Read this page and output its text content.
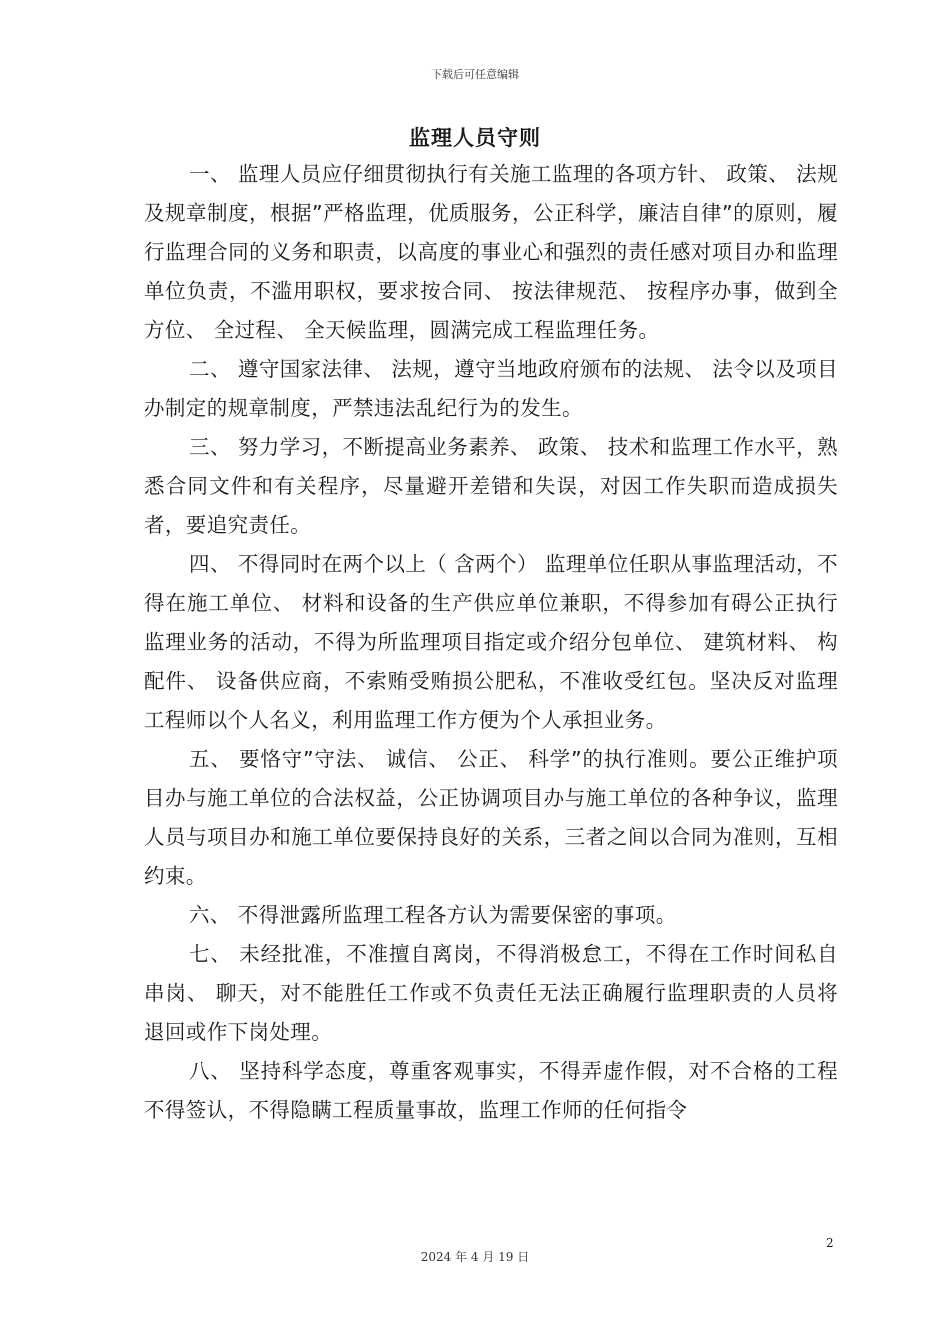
下载后可任意编辑
监理人员守则

一、 监理人员应仔细贯彻执行有关施工监理的各项方针、 政策、 法规及规章制度，根据”严格监理，优质服务，公正科学，廉洁自律”的原则，履行监理合同的义务和职责，以高度的事业心和强烈的责任感对项目办和监理单位负责，不滥用职权，要求按合同、 按法律规范、 按程序办事，做到全方位、 全过程、 全天候监理，圆满完成工程监理任务。

二、 遵守国家法律、 法规，遵守当地政府颁布的法规、 法令以及项目办制定的规章制度，严禁违法乱纪行为的发生。

三、 努力学习，不断提高业务素养、 政策、 技术和监理工作水平，熟悉合同文件和有关程序，尽量避开差错和失误，对因工作失职而造成损失者，要追究责任。

四、 不得同时在两个以上（ 含两个） 监理单位任职从事监理活动，不得在施工单位、 材料和设备的生产供应单位兼职，不得参加有碍公正执行监理业务的活动，不得为所监理项目指定或介绍分包单位、 建筑材料、 构配件、 设备供应商，不索贿受贿损公肥私，不准收受红包。坚决反对监理工程师以个人名义，利用监理工作方便为个人承担业务。

五、 要恪守”守法、 诚信、 公正、 科学”的执行准则。要公正维护项目办与施工单位的合法权益，公正协调项目办与施工单位的各种争议，监理人员与项目办和施工单位要保持良好的关系，三者之间以合同为准则，互相约束。

六、 不得泄露所监理工程各方认为需要保密的事项。

七、 未经批准，不准擅自离岗，不得消极怠工，不得在工作时间私自串岗、 聊天，对不能胜任工作或不负责任无法正确履行监理职责的人员将退回或作下岗处理。

八、 坚持科学态度，尊重客观事实，不得弄虚作假，对不合格的工程不得签认，不得隐瞒工程质量事故，监理工作师的任何指令

2
2024 年 4 月 19 日
